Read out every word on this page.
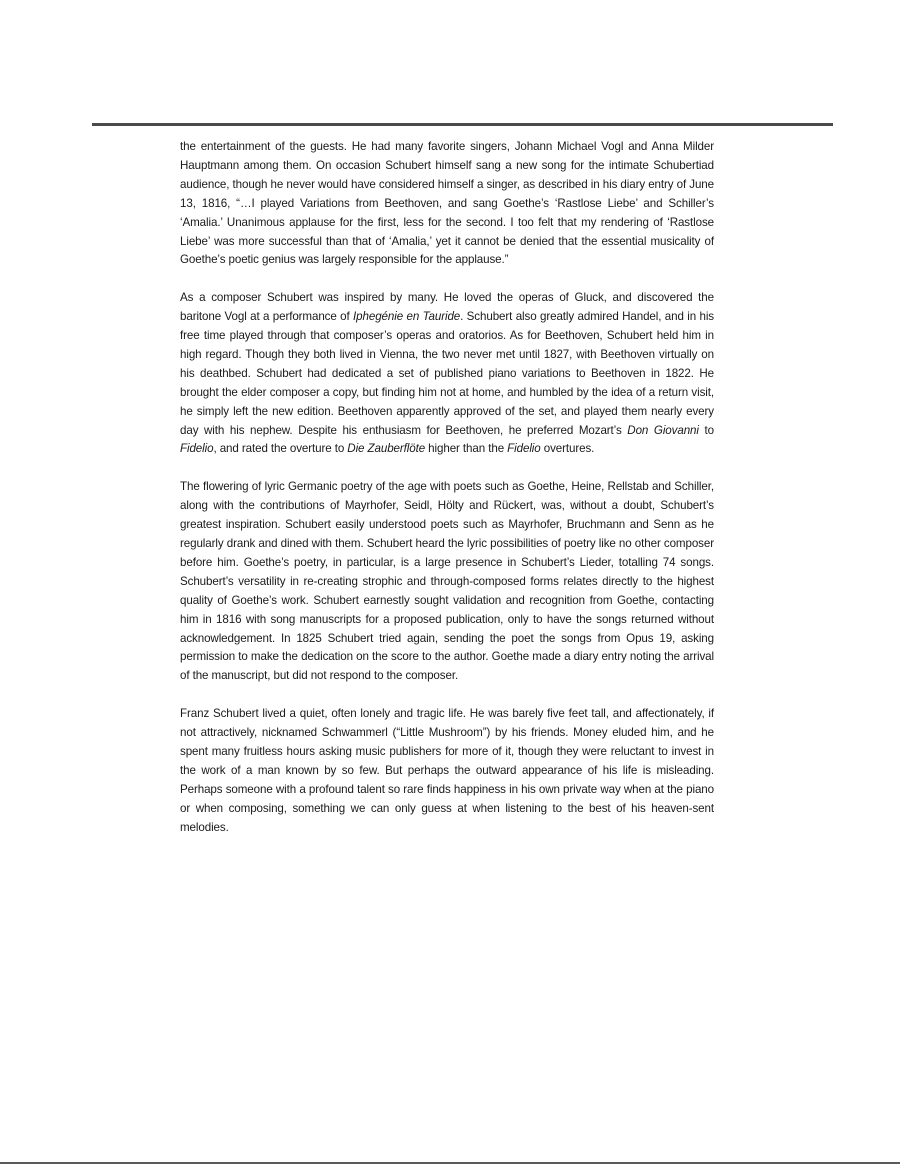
the entertainment of the guests. He had many favorite singers, Johann Michael Vogl and Anna Milder Hauptmann among them. On occasion Schubert himself sang a new song for the intimate Schubertiad audience, though he never would have considered himself a singer, as described in his diary entry of June 13, 1816, “…I played Variations from Beethoven, and sang Goethe’s ‘Rastlose Liebe’ and Schiller’s ‘Amalia.’ Unanimous applause for the first, less for the second. I too felt that my rendering of ‘Rastlose Liebe’ was more successful than that of ‘Amalia,’ yet it cannot be denied that the essential musicality of Goethe’s poetic genius was largely responsible for the applause.”

As a composer Schubert was inspired by many. He loved the operas of Gluck, and discovered the baritone Vogl at a performance of Iphegénie en Tauride. Schubert also greatly admired Handel, and in his free time played through that composer’s operas and oratorios. As for Beethoven, Schubert held him in high regard. Though they both lived in Vienna, the two never met until 1827, with Beethoven virtually on his deathbed. Schubert had dedicated a set of published piano variations to Beethoven in 1822. He brought the elder composer a copy, but finding him not at home, and humbled by the idea of a return visit, he simply left the new edition. Beethoven apparently approved of the set, and played them nearly every day with his nephew. Despite his enthusiasm for Beethoven, he preferred Mozart’s Don Giovanni to Fidelio, and rated the overture to Die Zauberflöte higher than the Fidelio overtures.

The flowering of lyric Germanic poetry of the age with poets such as Goethe, Heine, Rellstab and Schiller, along with the contributions of Mayrhofer, Seidl, Hölty and Rückert, was, without a doubt, Schubert’s greatest inspiration. Schubert easily understood poets such as Mayrhofer, Bruchmann and Senn as he regularly drank and dined with them. Schubert heard the lyric possibilities of poetry like no other composer before him. Goethe’s poetry, in particular, is a large presence in Schubert’s Lieder, totalling 74 songs. Schubert’s versatility in re-creating strophic and through-composed forms relates directly to the highest quality of Goethe’s work. Schubert earnestly sought validation and recognition from Goethe, contacting him in 1816 with song manuscripts for a proposed publication, only to have the songs returned without acknowledgement. In 1825 Schubert tried again, sending the poet the songs from Opus 19, asking permission to make the dedication on the score to the author. Goethe made a diary entry noting the arrival of the manuscript, but did not respond to the composer.

Franz Schubert lived a quiet, often lonely and tragic life. He was barely five feet tall, and affectionately, if not attractively, nicknamed Schwammerl (“Little Mushroom”) by his friends. Money eluded him, and he spent many fruitless hours asking music publishers for more of it, though they were reluctant to invest in the work of a man known by so few. But perhaps the outward appearance of his life is misleading. Perhaps someone with a profound talent so rare finds happiness in his own private way when at the piano or when composing, something we can only guess at when listening to the best of his heaven-sent melodies.
